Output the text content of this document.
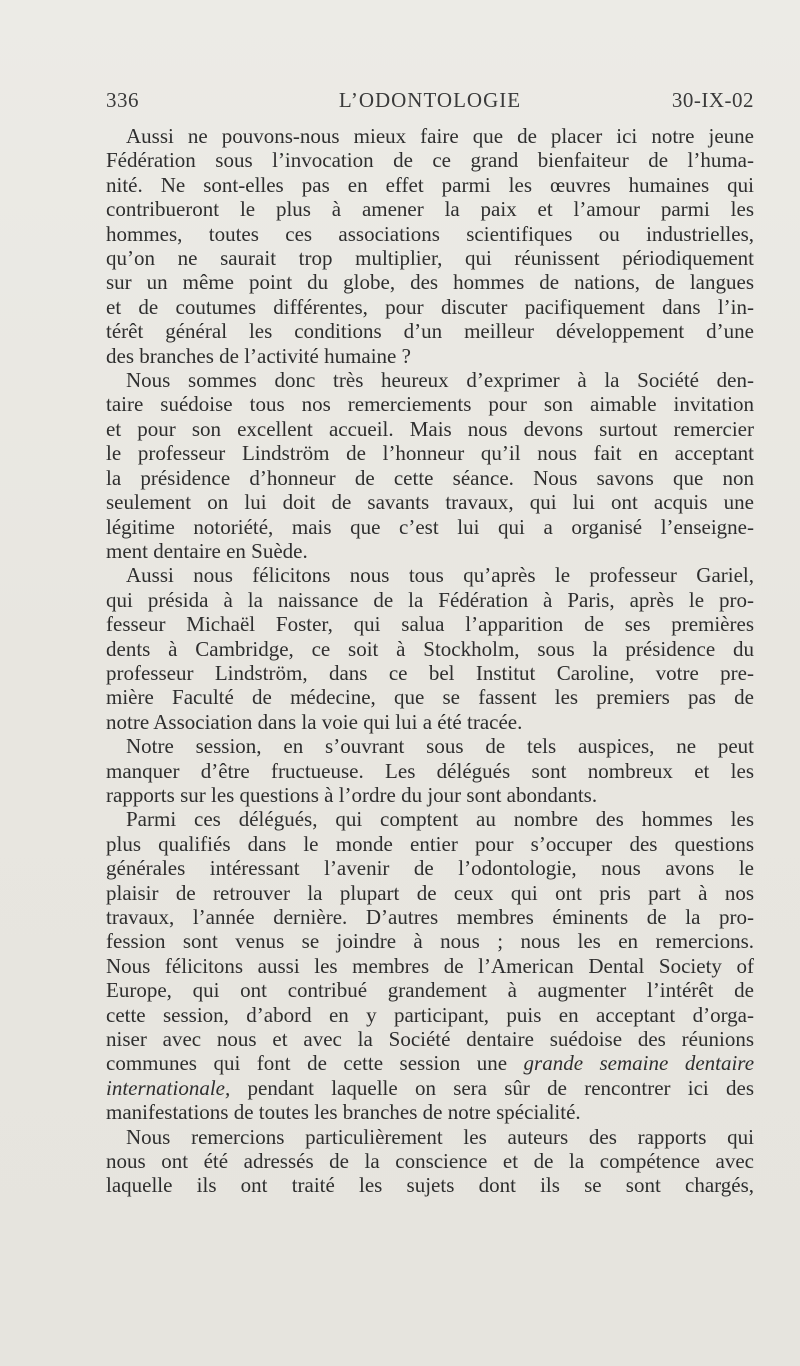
336	L’ODONTOLOGIE	30-IX-02
Aussi ne pouvons-nous mieux faire que de placer ici notre jeune
Fédération sous l’invocation de ce grand bienfaiteur de l’huma-
nité. Ne sont-elles pas en effet parmi les œuvres humaines qui
contribueront le plus à amener la paix et l’amour parmi les
hommes, toutes ces associations scientifiques ou industrielles,
qu’on ne saurait trop multiplier, qui réunissent périodiquement
sur un même point du globe, des hommes de nations, de langues
et de coutumes différentes, pour discuter pacifiquement dans l’in-
térêt général les conditions d’un meilleur développement d’une
des branches de l’activité humaine ?
Nous sommes donc très heureux d’exprimer à la Société den-
taire suédoise tous nos remerciements pour son aimable invitation
et pour son excellent accueil. Mais nous devons surtout remercier
le professeur Lindström de l’honneur qu’il nous fait en acceptant
la présidence d’honneur de cette séance. Nous savons que non
seulement on lui doit de savants travaux, qui lui ont acquis une
légitime notoriété, mais que c’est lui qui a organisé l’enseigne-
ment dentaire en Suède.
Aussi nous félicitons nous tous qu’après le professeur Gariel,
qui présida à la naissance de la Fédération à Paris, après le pro-
fesseur Michaël Foster, qui salua l’apparition de ses premières
dents à Cambridge, ce soit à Stockholm, sous la présidence du
professeur Lindström, dans ce bel Institut Caroline, votre pre-
mière Faculté de médecine, que se fassent les premiers pas de
notre Association dans la voie qui lui a été tracée.
Notre session, en s’ouvrant sous de tels auspices, ne peut
manquer d’être fructueuse. Les délégués sont nombreux et les
rapports sur les questions à l’ordre du jour sont abondants.
Parmi ces délégués, qui comptent au nombre des hommes les
plus qualifiés dans le monde entier pour s’occuper des questions
générales intéressant l’avenir de l’odontologie, nous avons le
plaisir de retrouver la plupart de ceux qui ont pris part à nos
travaux, l’année dernière. D’autres membres éminents de la pro-
fession sont venus se joindre à nous ; nous les en remercions.
Nous félicitons aussi les membres de l’American Dental Society of
Europe, qui ont contribué grandement à augmenter l’intérêt de
cette session, d’abord en y participant, puis en acceptant d’orga-
niser avec nous et avec la Société dentaire suédoise des réunions
communes qui font de cette session une grande semaine dentaire
internationale, pendant laquelle on sera sûr de rencontrer ici des
manifestations de toutes les branches de notre spécialité.
Nous remercions particulièrement les auteurs des rapports qui
nous ont été adressés de la conscience et de la compétence avec
laquelle ils ont traité les sujets dont ils se sont chargés,
